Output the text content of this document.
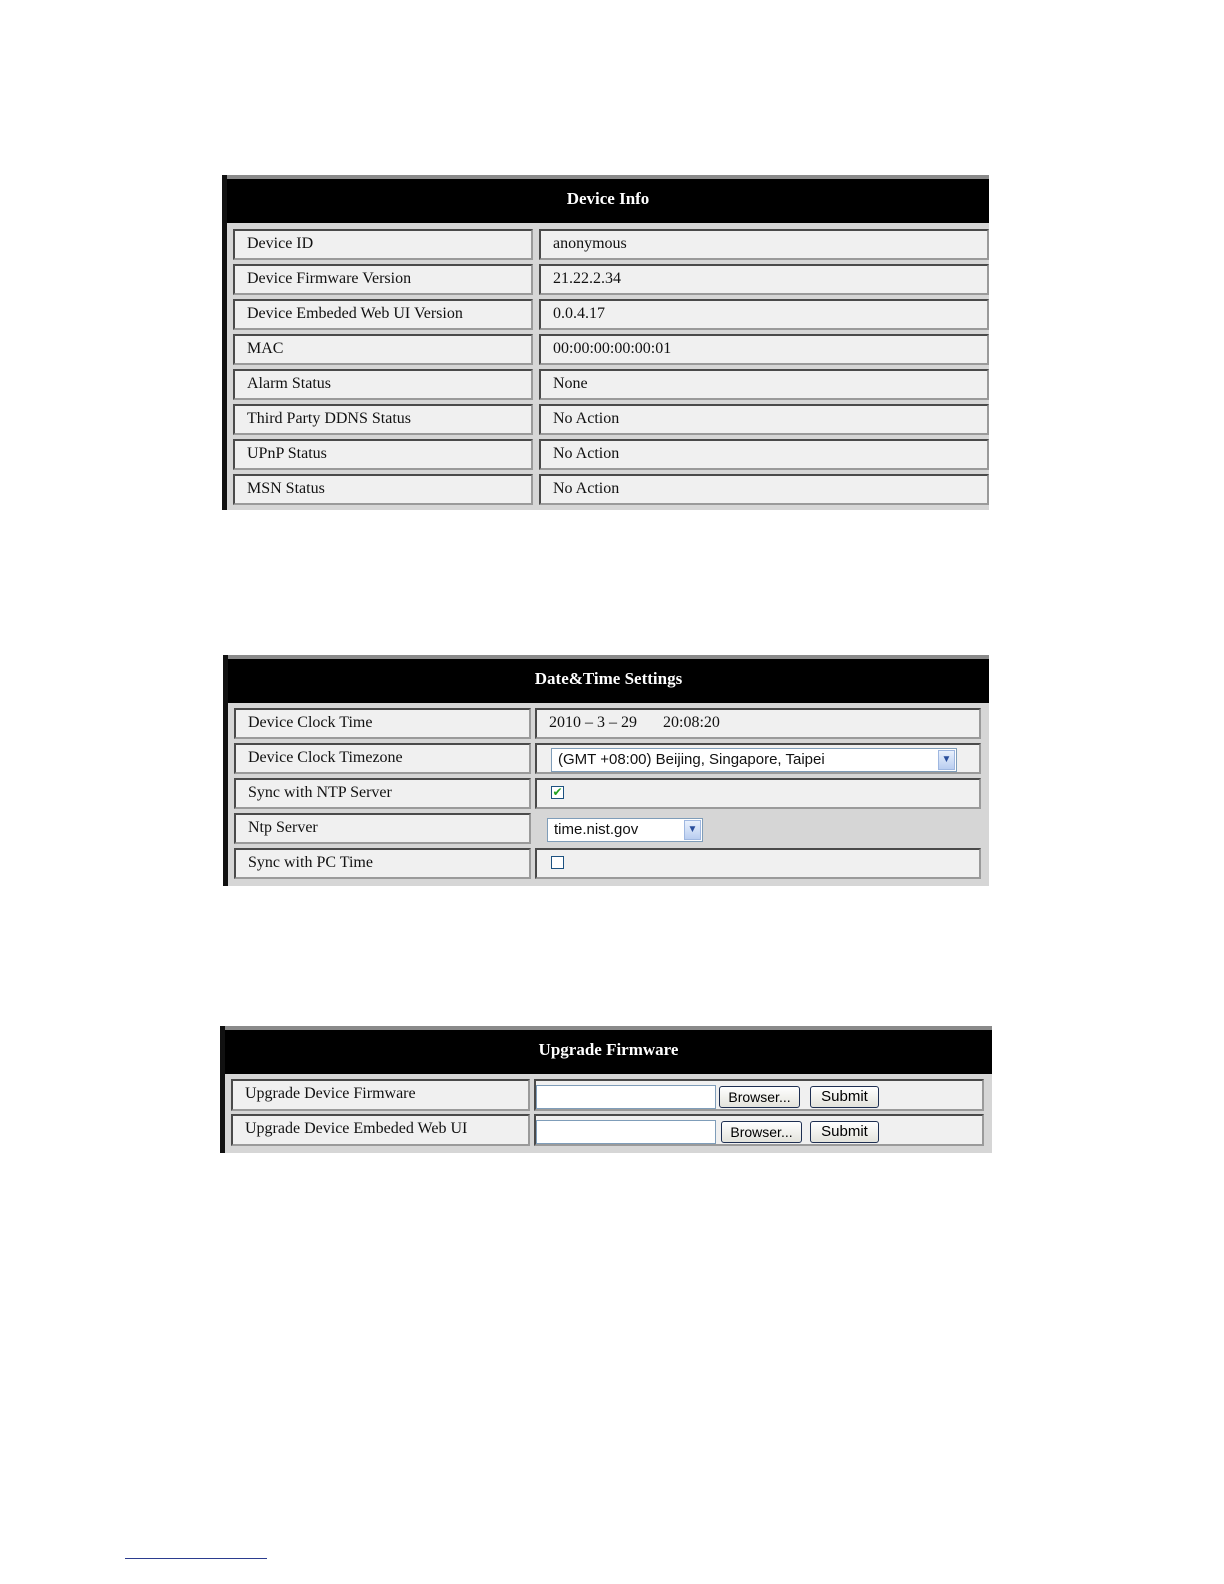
Device Info
Device ID	anonymous
Device Firmware Version	21.22.2.34
Device Embeded Web UI Version	0.0.4.17
MAC	00:00:00:00:00:01
Alarm Status	None
Third Party DDNS Status	No Action
UPnP Status	No Action
MSN Status	No Action
Date&Time Settings
Device Clock Time	2010 – 3 – 29 20:08:20
Device Clock Timezone	(GMT +08:00) Beijing, Singapore, Taipei	▼
Sync with NTP Server	✔
Ntp Server	time.nist.gov	▼
Sync with PC Time
Upgrade Firmware
Upgrade Device Firmware	Browser...	Submit
Upgrade Device Embeded Web UI	Browser...	Submit
